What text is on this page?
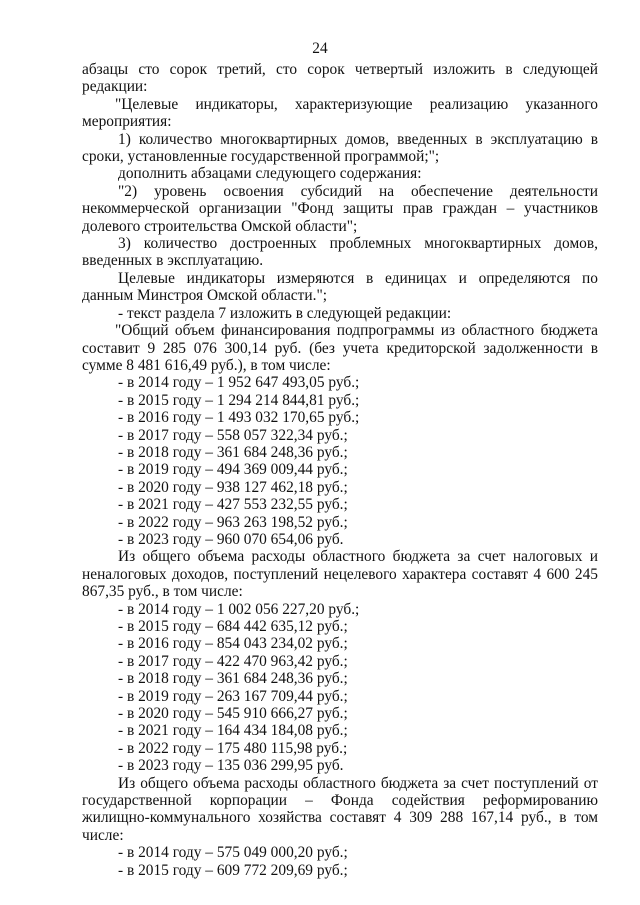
24

абзацы сто сорок третий, сто сорок четвертый изложить в следующей редакции:

"Целевые индикаторы, характеризующие реализацию указанного мероприятия:

1) количество многоквартирных домов, введенных в эксплуатацию в сроки, установленные государственной программой;";

дополнить абзацами следующего содержания:

"2) уровень освоения субсидий на обеспечение деятельности некоммерческой организации "Фонд защиты прав граждан – участников долевого строительства Омской области";

3) количество достроенных проблемных многоквартирных домов, введенных в эксплуатацию.

Целевые индикаторы измеряются в единицах и определяются по данным Минстроя Омской области.";

- текст раздела 7 изложить в следующей редакции:

"Общий объем финансирования подпрограммы из областного бюджета составит 9 285 076 300,14 руб. (без учета кредиторской задолженности в сумме 8 481 616,49 руб.), в том числе:

- в 2014 году – 1 952 647 493,05 руб.;

- в 2015 году – 1 294 214 844,81 руб.;

- в 2016 году – 1 493 032 170,65 руб.;

- в 2017 году – 558 057 322,34 руб.;

- в 2018 году – 361 684 248,36 руб.;

- в 2019 году – 494 369 009,44 руб.;

- в 2020 году – 938 127 462,18 руб.;

- в 2021 году – 427 553 232,55 руб.;

- в 2022 году – 963 263 198,52 руб.;

- в 2023 году – 960 070 654,06 руб.

Из общего объема расходы областного бюджета за счет налоговых и неналоговых доходов, поступлений нецелевого характера составят 4 600 245 867,35 руб., в том числе:

- в 2014 году – 1 002 056 227,20 руб.;

- в 2015 году – 684 442 635,12 руб.;

- в 2016 году – 854 043 234,02 руб.;

- в 2017 году – 422 470 963,42 руб.;

- в 2018 году – 361 684 248,36 руб.;

- в 2019 году – 263 167 709,44 руб.;

- в 2020 году – 545 910 666,27 руб.;

- в 2021 году – 164 434 184,08 руб.;

- в 2022 году – 175 480 115,98 руб.;

- в 2023 году – 135 036 299,95 руб.

Из общего объема расходы областного бюджета за счет поступлений от государственной корпорации – Фонда содействия реформированию жилищно-коммунального хозяйства составят 4 309 288 167,14 руб., в том числе:

- в 2014 году – 575 049 000,20 руб.;

- в 2015 году – 609 772 209,69 руб.;
